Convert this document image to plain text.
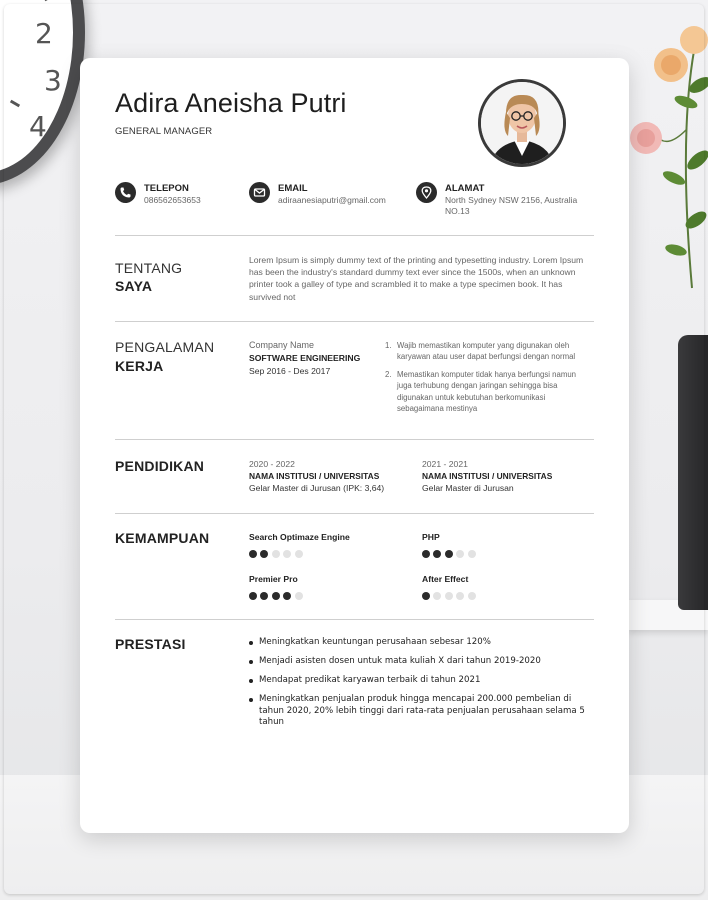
2
3
4
Adira Aneisha Putri
GENERAL MANAGER
TELEPON
086562653653
EMAIL
adiraanesiaputri@gmail.com
ALAMAT
North Sydney NSW 2156, Australia NO.13
TENTANG
SAYA
Lorem Ipsum is simply dummy text of the printing and typesetting industry. Lorem Ipsum has been the industry's standard dummy text ever since the 1500s, when an unknown printer took a galley of type and scrambled it to make a type specimen book. It has survived not
PENGALAMAN
KERJA
Company Name
SOFTWARE ENGINEERING
Sep 2016 - Des 2017
1. Wajib memastikan komputer yang digunakan oleh karyawan atau user dapat berfungsi dengan normal
2. Memastikan komputer tidak hanya berfungsi namun juga terhubung dengan jaringan sehingga bisa digunakan untuk kebutuhan berkomunikasi sebagaimana mestinya
PENDIDIKAN	2020 - 2022
NAMA INSTITUSI / UNIVERSITAS
Gelar Master di Jurusan (IPK: 3,64)
2021 - 2021
NAMA INSTITUSI / UNIVERSITAS
Gelar Master di Jurusan
KEMAMPUAN	Search Optimaze Engine	PHP
Premier Pro	After Effect
PRESTASI	Meningkatkan keuntungan perusahaan sebesar 120%
Menjadi asisten dosen untuk mata kuliah X dari tahun 2019-2020
Mendapat predikat karyawan terbaik di tahun 2021
Meningkatkan penjualan produk hingga mencapai 200.000 pembelian di tahun 2020, 20% lebih tinggi dari rata-rata penjualan perusahaan selama 5 tahun
